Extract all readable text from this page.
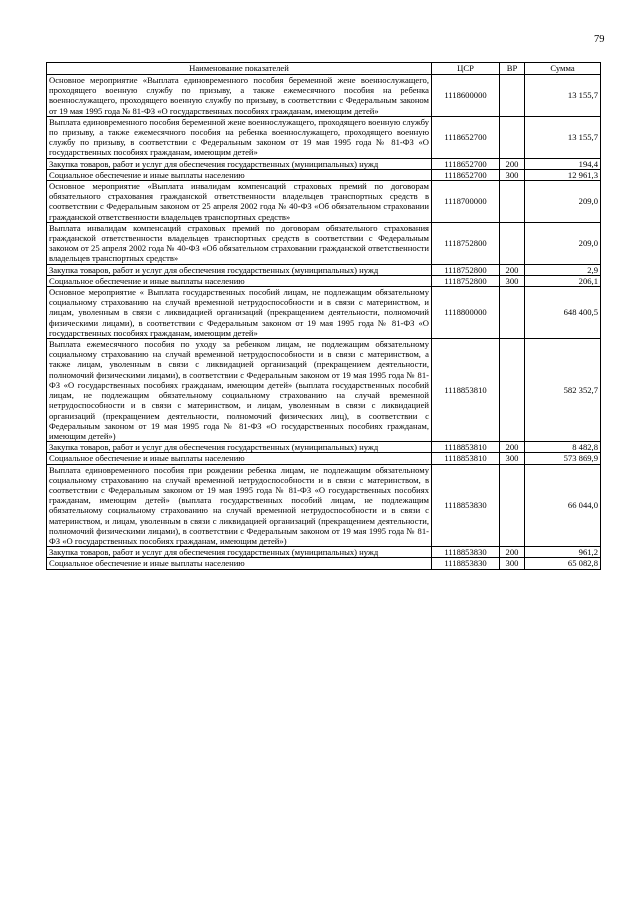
79
Наименование показателей	ЦСР	ВР	Сумма
Основное мероприятие «Выплата единовременного пособия беременной жене военнослужащего, проходящего военную службу по призыву, а также ежемесячного пособия на ребенка военнослужащего, проходящего военную службу по призыву, в соответствии с Федеральным законом от 19 мая 1995 года № 81-ФЗ «О государственных пособиях гражданам, имеющим детей»	1118600000		13 155,7
Выплата единовременного пособия беременной жене военнослужащего, проходящего военную службу по призыву, а также ежемесячного пособия на ребенка военнослужащего, проходящего военную службу по призыву, в соответствии с Федеральным законом от 19 мая 1995 года № 81-ФЗ «О государственных пособиях гражданам, имеющим детей»	1118652700		13 155,7
Закупка товаров, работ и услуг для обеспечения государственных (муниципальных) нужд	1118652700	200	194,4
Социальное обеспечение и иные выплаты населению	1118652700	300	12 961,3
Основное мероприятие «Выплата инвалидам компенсаций страховых премий по договорам обязательного страхования гражданской ответственности владельцев транспортных средств в соответствии с Федеральным законом от 25 апреля 2002 года № 40-ФЗ «Об обязательном страховании гражданской ответственности владельцев транспортных средств»	1118700000		209,0
Выплата инвалидам компенсаций страховых премий по договорам обязательного страхования гражданской ответственности владельцев транспортных средств в соответствии с Федеральным законом от 25 апреля 2002 года № 40-ФЗ «Об обязательном страховании гражданской ответственности владельцев транспортных средств»	1118752800		209,0
Закупка товаров, работ и услуг для обеспечения государственных (муниципальных) нужд	1118752800	200	2,9
Социальное обеспечение и иные выплаты населению	1118752800	300	206,1
Основное мероприятие « Выплата государственных пособий лицам, не подлежащим обязательному социальному страхованию на случай временной нетрудоспособности и в связи с материнством, и лицам, уволенным в связи с ликвидацией организаций (прекращением деятельности, полномочий физическими лицами), в соответствии с Федеральным законом от 19 мая 1995 года № 81-ФЗ «О государственных пособиях гражданам, имеющим детей»	1118800000		648 400,5
Выплата ежемесячного пособия по уходу за ребенком лицам, не подлежащим обязательному социальному страхованию на случай временной нетрудоспособности и в связи с материнством, а также лицам, уволенным в связи с ликвидацией организаций (прекращением деятельности, полномочий физическими лицами), в соответствии с Федеральным законом от 19 мая 1995 года № 81-ФЗ «О государственных пособиях гражданам, имеющим детей» (выплата государственных пособий лицам, не подлежащим обязательному социальному страхованию на случай временной нетрудоспособности и в связи с материнством, и лицам, уволенным в связи с ликвидацией организаций (прекращением деятельности, полномочий физических лиц), в соответствии с Федеральным законом от 19 мая 1995 года № 81-ФЗ «О государственных пособиях гражданам, имеющим детей»)	1118853810		582 352,7
Закупка товаров, работ и услуг для обеспечения государственных (муниципальных) нужд	1118853810	200	8 482,8
Социальное обеспечение и иные выплаты населению	1118853810	300	573 869,9
Выплата единовременного пособия при рождении ребенка лицам, не подлежащим обязательному социальному страхованию на случай временной нетрудоспособности и в связи с материнством, в соответствии с Федеральным законом от 19 мая 1995 года № 81-ФЗ «О государственных пособиях гражданам, имеющим детей» (выплата государственных пособий лицам, не подлежащим обязательному социальному страхованию на случай временной нетрудоспособности и в связи с материнством, и лицам, уволенным в связи с ликвидацией организаций (прекращением деятельности, полномочий физическими лицами), в соответствии с Федеральным законом от 19 мая 1995 года № 81-ФЗ «О государственных пособиях гражданам, имеющим детей»)	1118853830		66 044,0
Закупка товаров, работ и услуг для обеспечения государственных (муниципальных) нужд	1118853830	200	961,2
Социальное обеспечение и иные выплаты населению	1118853830	300	65 082,8
